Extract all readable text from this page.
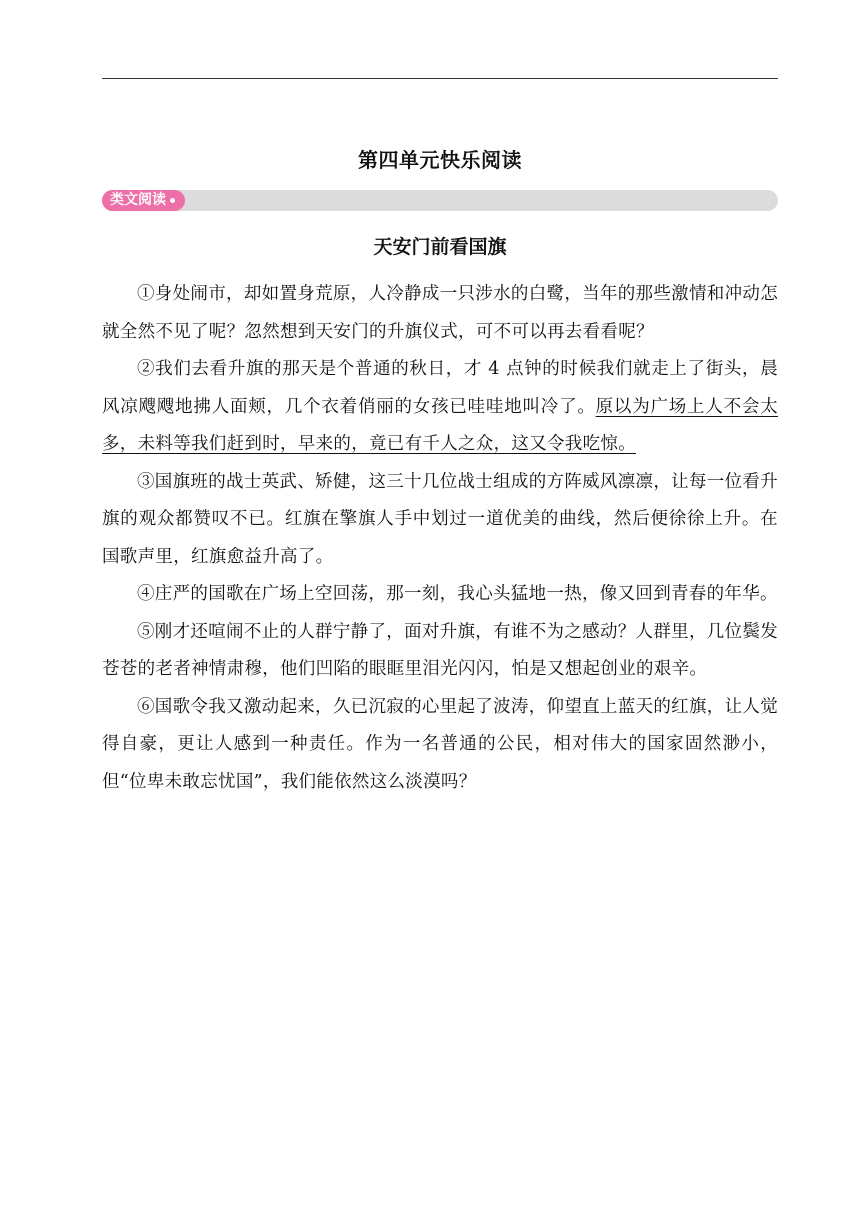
第四单元快乐阅读
类文阅读
天安门前看国旗

①身处闹市，却如置身荒原，人冷静成一只涉水的白鹭，当年的那些激情和冲动怎就全然不见了呢？忽然想到天安门的升旗仪式，可不可以再去看看呢？

②我们去看升旗的那天是个普通的秋日，才 4 点钟的时候我们就走上了街头，晨风凉飕飕地拂人面颊，几个衣着俏丽的女孩已哇哇地叫冷了。原以为广场上人不会太多，未料等我们赶到时，早来的，竟已有千人之众，这又令我吃惊。

③国旗班的战士英武、矫健，这三十几位战士组成的方阵威风凛凛，让每一位看升旗的观众都赞叹不已。红旗在擎旗人手中划过一道优美的曲线，然后便徐徐上升。在国歌声里，红旗愈益升高了。

④庄严的国歌在广场上空回荡，那一刻，我心头猛地一热，像又回到青春的年华。

⑤刚才还喧闹不止的人群宁静了，面对升旗，有谁不为之感动？人群里，几位鬓发苍苍的老者神情肃穆，他们凹陷的眼眶里泪光闪闪，怕是又想起创业的艰辛。

⑥国歌令我又激动起来，久已沉寂的心里起了波涛，仰望直上蓝天的红旗，让人觉得自豪，更让人感到一种责任。作为一名普通的公民，相对伟大的国家固然渺小，但“位卑未敢忘忧国”，我们能依然这么淡漠吗？
